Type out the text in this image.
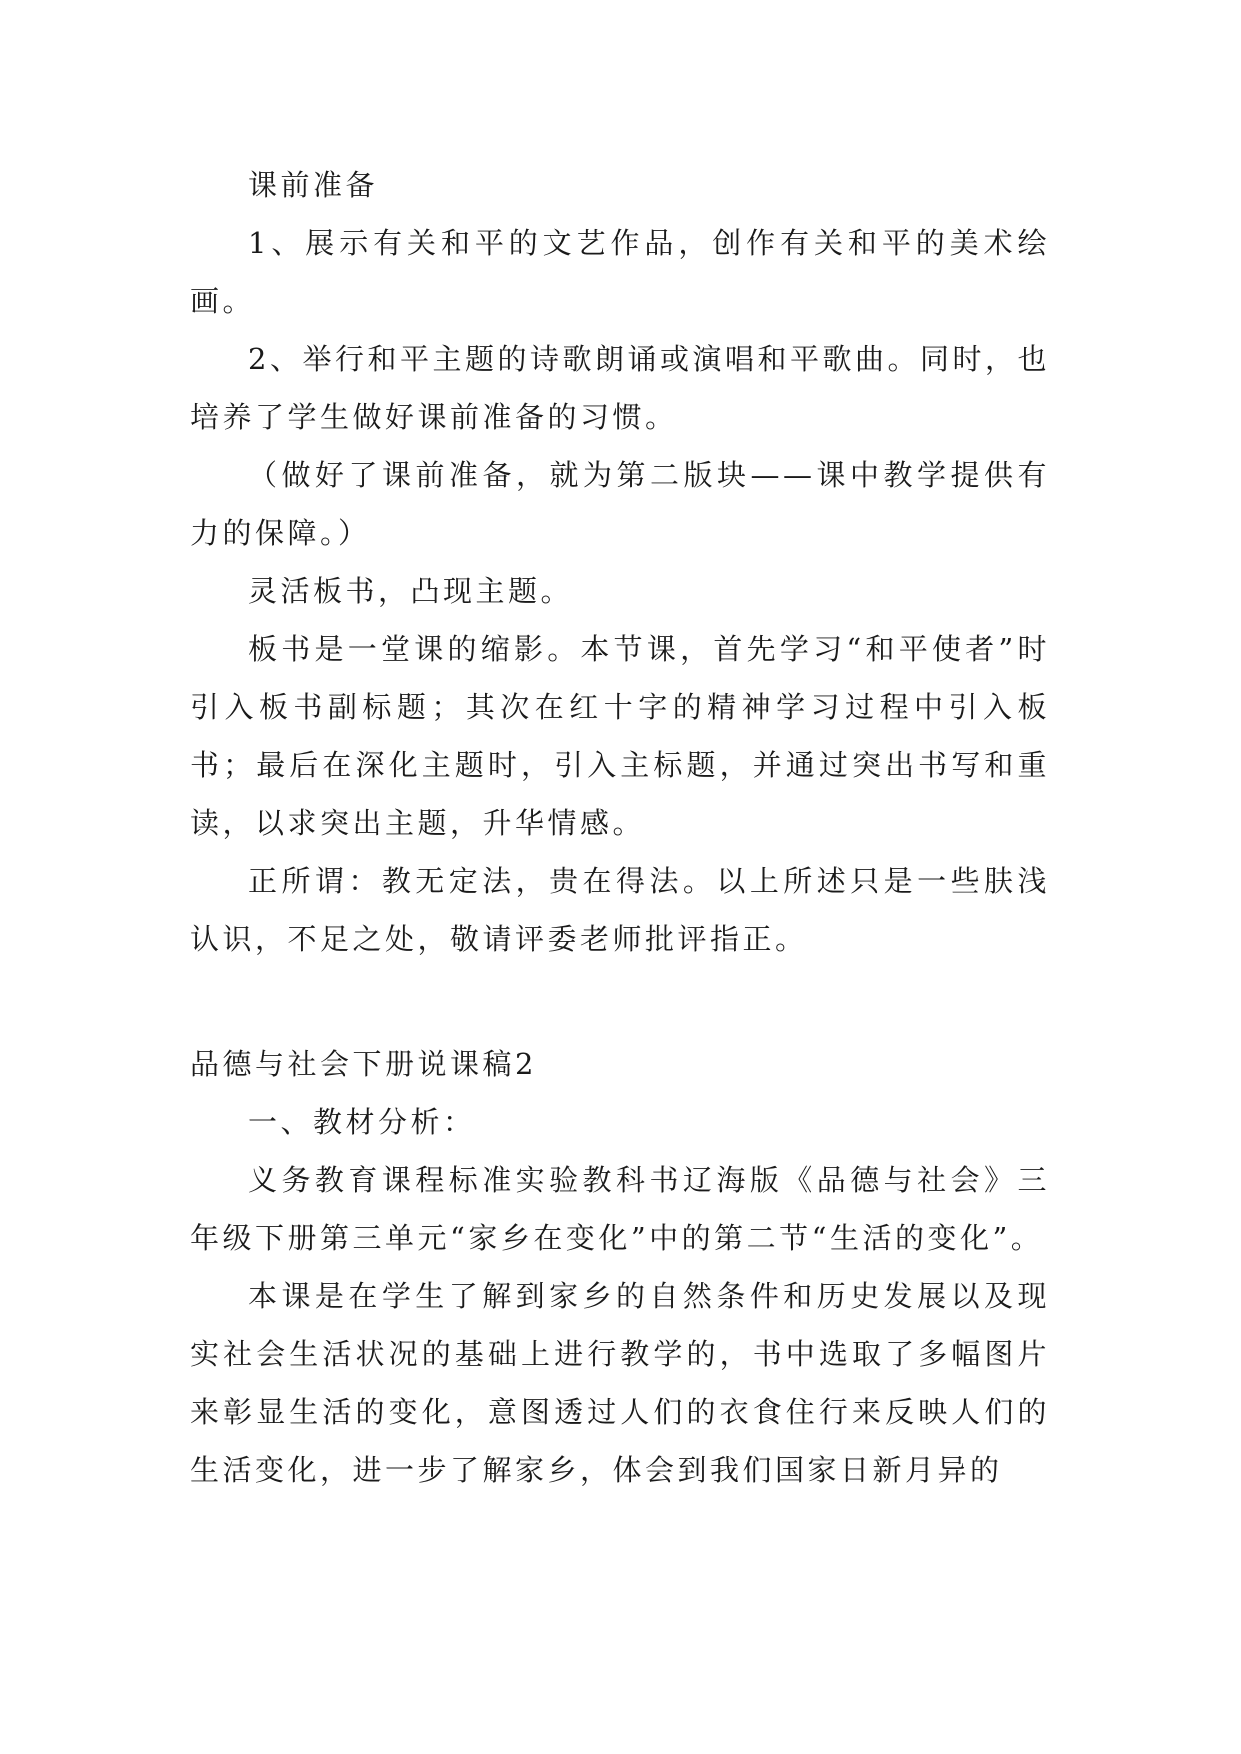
课前准备

1、展示有关和平的文艺作品，创作有关和平的美术绘画。

2、举行和平主题的诗歌朗诵或演唱和平歌曲。同时，也培养了学生做好课前准备的习惯。

（做好了课前准备，就为第二版块——课中教学提供有力的保障。）

灵活板书，凸现主题。

板书是一堂课的缩影。本节课，首先学习“和平使者”时引入板书副标题；其次在红十字的精神学习过程中引入板书；最后在深化主题时，引入主标题，并通过突出书写和重读，以求突出主题，升华情感。

正所谓：教无定法，贵在得法。以上所述只是一些肤浅认识，不足之处，敬请评委老师批评指正。

品德与社会下册说课稿2

一、教材分析：

义务教育课程标准实验教科书辽海版《品德与社会》三年级下册第三单元“家乡在变化”中的第二节“生活的变化”。

本课是在学生了解到家乡的自然条件和历史发展以及现实社会生活状况的基础上进行教学的，书中选取了多幅图片来彰显生活的变化，意图透过人们的衣食住行来反映人们的生活变化，进一步了解家乡，体会到我们国家日新月异的
